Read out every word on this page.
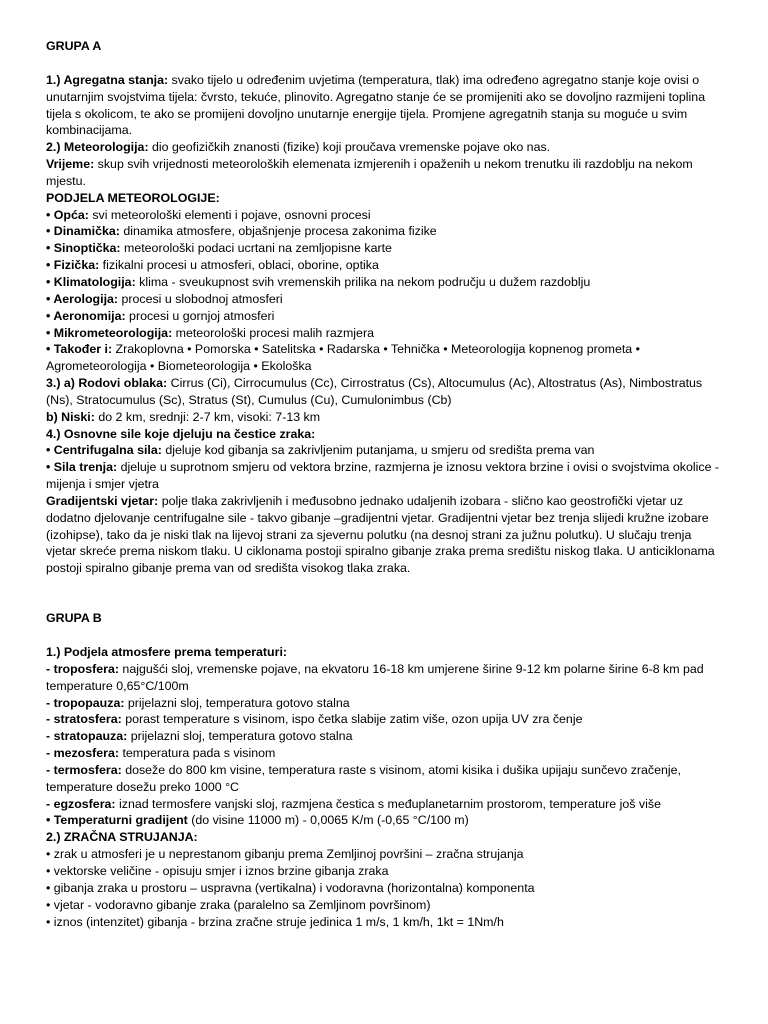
GRUPA A

1.) Agregatna stanja: svako tijelo u određenim uvjetima (temperatura, tlak) ima određeno agregatno stanje koje ovisi o unutarnjim svojstvima tijela: čvrsto, tekuće, plinovito. Agregatno stanje će se promijeniti ako se dovoljno razmijeni toplina tijela s okolicom, te ako se promijeni dovoljno unutarnje energije tijela. Promjene agregatnih stanja su moguće u svim kombinacijama.

2.) Meteorologija: dio geofizičkih znanosti (fizike) koji proučava vremenske pojave oko nas.

Vrijeme: skup svih vrijednosti meteoroloških elemenata izmjerenih i opaženih u nekom trenutku ili razdoblju na nekom mjestu.

PODJELA METEOROLOGIJE:

• Opća: svi meteorološki elementi i pojave, osnovni procesi

• Dinamička: dinamika atmosfere, objašnjenje procesa zakonima fizike

• Sinoptička: meteorološki podaci ucrtani na zemljopisne karte

• Fizička: fizikalni procesi u atmosferi, oblaci, oborine, optika

• Klimatologija: klima - sveukupnost svih vremenskih prilika na nekom području u dužem razdoblju

• Aerologija: procesi u slobodnoj atmosferi

• Aeronomija: procesi u gornjoj atmosferi

• Mikrometeorologija: meteorološki procesi malih razmjera

• Također i: Zrakoplovna • Pomorska • Satelitska • Radarska • Tehnička • Meteorologija kopnenog prometa • Agrometeorologija • Biometeorologija • Ekološka

3.) a) Rodovi oblaka: Cirrus (Ci), Cirrocumulus (Cc), Cirrostratus (Cs), Altocumulus (Ac), Altostratus (As), Nimbostratus (Ns), Stratocumulus (Sc), Stratus (St), Cumulus (Cu), Cumulonimbus (Cb)

b) Niski: do 2 km, srednji: 2-7 km, visoki: 7-13 km

4.) Osnovne sile koje djeluju na čestice zraka:

• Centrifugalna sila: djeluje kod gibanja sa zakrivljenim putanjama, u smjeru od središta prema van

• Sila trenja: djeluje u suprotnom smjeru od vektora brzine, razmjerna je iznosu vektora brzine i ovisi o svojstvima okolice - mijenja i smjer vjetra

Gradijentski vjetar: polje tlaka zakrivljenih i međusobno jednako udaljenih izobara - slično kao geostrofički vjetar uz dodatno djelovanje centrifugalne sile - takvo gibanje –gradijentni vjetar. Gradijentni vjetar bez trenja slijedi kružne izobare (izohipse), tako da je niski tlak na lijevoj strani za sjevernu polutku (na desnoj strani za južnu polutku). U slučaju trenja vjetar skreće prema niskom tlaku. U ciklonama postoji spiralno gibanje zraka prema središtu niskog tlaka. U anticiklonama postoji spiralno gibanje prema van od središta visokog tlaka zraka.

GRUPA B

1.) Podjela atmosfere prema temperaturi:

- troposfera: najgušći sloj, vremenske pojave, na ekvatoru 16-18 km umjerene širine 9-12 km polarne širine 6-8 km pad temperature 0,65°C/100m

- tropopauza: prijelazni sloj, temperatura gotovo stalna

- stratosfera: porast temperature s visinom, ispo četka slabije zatim više, ozon upija UV zra čenje

- stratopauza: prijelazni sloj, temperatura gotovo stalna

- mezosfera: temperatura pada s visinom

- termosfera: doseže do 800 km visine, temperatura raste s visinom, atomi kisika i dušika upijaju sunčevo zračenje, temperature dosežu preko 1000 °C

- egzosfera: iznad termosfere vanjski sloj, razmjena čestica s međuplanetarnim prostorom, temperature još više

• Temperaturni gradijent (do visine 11000 m) - 0,0065 K/m (-0,65 °C/100 m)

2.) ZRAČNA STRUJANJA:

• zrak u atmosferi je u neprestanom gibanju prema Zemljinoj površini – zračna strujanja

• vektorske veličine - opisuju smjer i iznos brzine gibanja zraka

• gibanja zraka u prostoru – uspravna (vertikalna) i vodoravna (horizontalna) komponenta

• vjetar - vodoravno gibanje zraka (paralelno sa Zemljinom površinom)

• iznos (intenzitet) gibanja - brzina zračne struje jedinica 1 m/s, 1 km/h, 1kt = 1Nm/h
